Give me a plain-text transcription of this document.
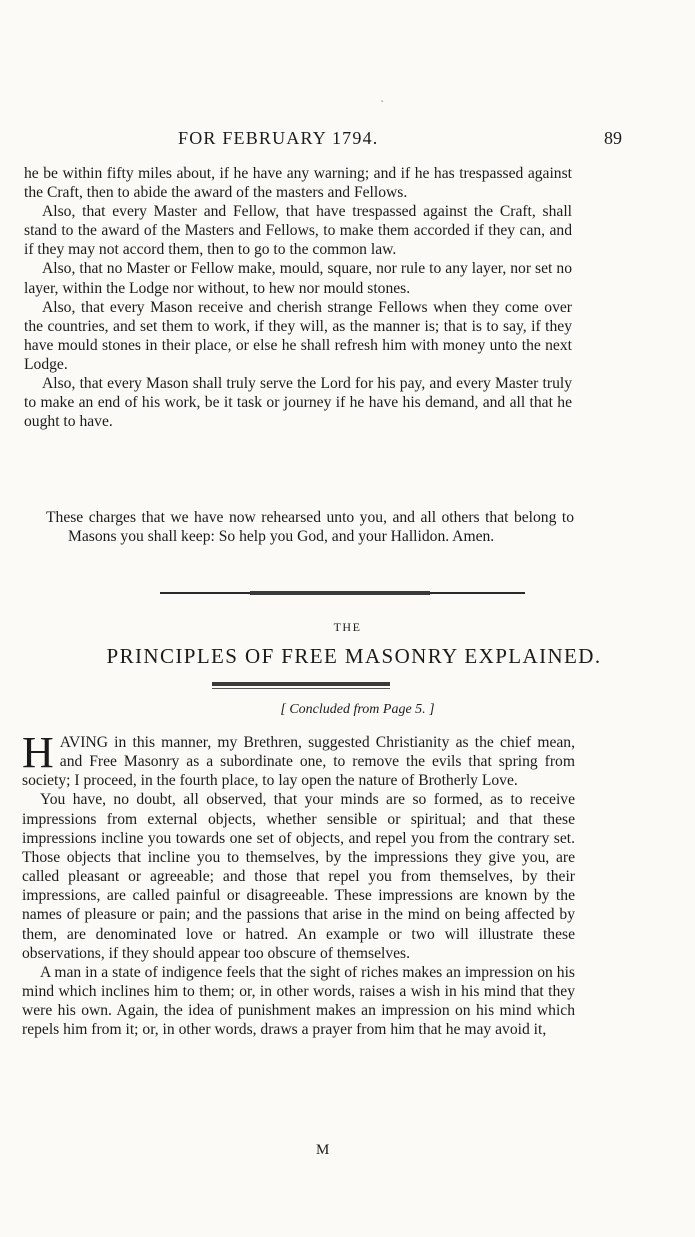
˛
FOR FEBRUARY 1794.	89

he be within fifty miles about, if he have any warning; and if he has trespassed against the Craft, then to abide the award of the masters and Fellows.

Also, that every Master and Fellow, that have trespassed against the Craft, shall stand to the award of the Masters and Fellows, to make them accorded if they can, and if they may not accord them, then to go to the common law.

Also, that no Master or Fellow make, mould, square, nor rule to any layer, nor set no layer, within the Lodge nor without, to hew nor mould stones.

Also, that every Mason receive and cherish strange Fellows when they come over the countries, and set them to work, if they will, as the manner is; that is to say, if they have mould stones in their place, or else he shall refresh him with money unto the next Lodge.

Also, that every Mason shall truly serve the Lord for his pay, and every Master truly to make an end of his work, be it task or journey if he have his demand, and all that he ought to have.

These charges that we have now rehearsed unto you, and all others that belong to Masons you shall keep: So help you God, and your Hallidon. Amen.
THE
PRINCIPLES OF FREE MASONRY EXPLAINED.
[ Concluded from Page 5. ]

HAVING in this manner, my Brethren, suggested Christianity as the chief mean, and Free Masonry as a subordinate one, to remove the evils that spring from society; I proceed, in the fourth place, to lay open the nature of Brotherly Love.

You have, no doubt, all observed, that your minds are so formed, as to receive impressions from external objects, whether sensible or spiritual; and that these impressions incline you towards one set of objects, and repel you from the contrary set. Those objects that incline you to themselves, by the impressions they give you, are called pleasant or agreeable; and those that repel you from themselves, by their impressions, are called painful or disagreeable. These impressions are known by the names of pleasure or pain; and the passions that arise in the mind on being affected by them, are denominated love or hatred. An example or two will illustrate these observations, if they should appear too obscure of themselves.

A man in a state of indigence feels that the sight of riches makes an impression on his mind which inclines him to them; or, in other words, raises a wish in his mind that they were his own. Again, the idea of punishment makes an impression on his mind which repels him from it; or, in other words, draws a prayer from him that he may avoid it,

M
